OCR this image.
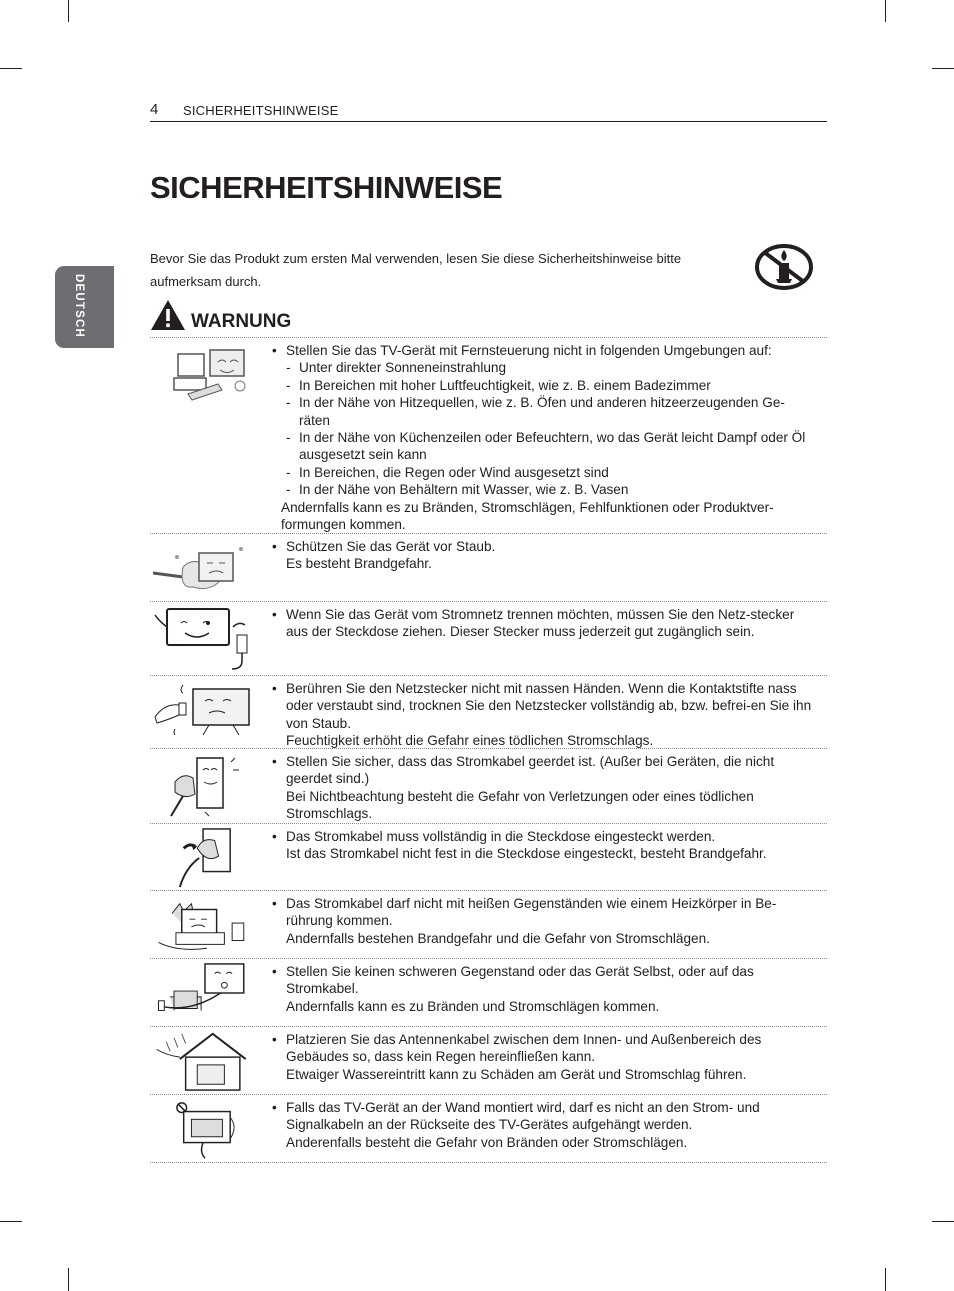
4 SICHERHEITSHINWEISE
DEUTSCH
SICHERHEITSHINWEISE
Bevor Sie das Produkt zum ersten Mal verwenden, lesen Sie diese Sicherheitshinweise bitte aufmerksam durch.
WARNUNG
• Stellen Sie das TV-Gerät mit Fernsteuerung nicht in folgenden Umgebungen auf:
- Unter direkter Sonneneinstrahlung
- In Bereichen mit hoher Luftfeuchtigkeit, wie z. B. einem Badezimmer
- In der Nähe von Hitzequellen, wie z. B. Öfen und anderen hitzeerzeugenden Ge-räten
- In der Nähe von Küchenzeilen oder Befeuchtern, wo das Gerät leicht Dampf oder Öl ausgesetzt sein kann
- In Bereichen, die Regen oder Wind ausgesetzt sind
- In der Nähe von Behältern mit Wasser, wie z. B. Vasen
Andernfalls kann es zu Bränden, Stromschlägen, Fehlfunktionen oder Produktver-formungen kommen.
• Schützen Sie das Gerät vor Staub.
Es besteht Brandgefahr.
• Wenn Sie das Gerät vom Stromnetz trennen möchten, müssen Sie den Netz-stecker aus der Steckdose ziehen. Dieser Stecker muss jederzeit gut zugänglich sein.
• Berühren Sie den Netzstecker nicht mit nassen Händen. Wenn die Kontaktstifte nass oder verstaubt sind, trocknen Sie den Netzstecker vollständig ab, bzw. befrei-en Sie ihn von Staub.
Feuchtigkeit erhöht die Gefahr eines tödlichen Stromschlags.
• Stellen Sie sicher, dass das Stromkabel geerdet ist. (Außer bei Geräten, die nicht geerdet sind.)
Bei Nichtbeachtung besteht die Gefahr von Verletzungen oder eines tödlichen Stromschlags.
• Das Stromkabel muss vollständig in die Steckdose eingesteckt werden.
Ist das Stromkabel nicht fest in die Steckdose eingesteckt, besteht Brandgefahr.
• Das Stromkabel darf nicht mit heißen Gegenständen wie einem Heizkörper in Be-rührung kommen.
Andernfalls bestehen Brandgefahr und die Gefahr von Stromschlägen.
• Stellen Sie keinen schweren Gegenstand oder das Gerät Selbst, oder auf das Stromkabel.
Andernfalls kann es zu Bränden und Stromschlägen kommen.
• Platzieren Sie das Antennenkabel zwischen dem Innen- und Außenbereich des Gebäudes so, dass kein Regen hereinfließen kann.
Etwaiger Wassereintritt kann zu Schäden am Gerät und Stromschlag führen.
• Falls das TV-Gerät an der Wand montiert wird, darf es nicht an den Strom- und Signalkabeln an der Rückseite des TV-Gerätes aufgehängt werden.
Anderenfalls besteht die Gefahr von Bränden oder Stromschlägen.
